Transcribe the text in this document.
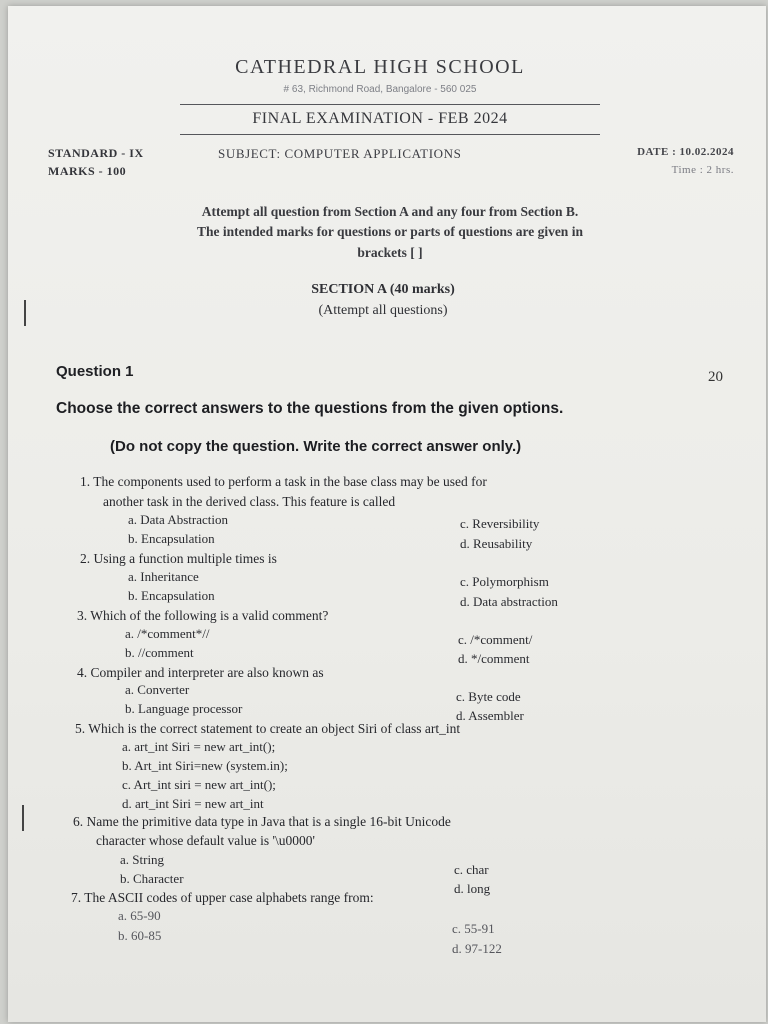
CATHEDRAL HIGH SCHOOL
# 63, Richmond Road, Bangalore - 560 025
FINAL EXAMINATION - FEB 2024
STANDARD - IX
MARKS - 100
SUBJECT: COMPUTER APPLICATIONS	DATE : 10.02.2024
Time : 2 hrs.
Attempt all question from Section A and any four from Section B.
The intended marks for questions or parts of questions are given in
brackets [ ]
SECTION A (40 marks)
(Attempt all questions)
Question 1	20
Choose the correct answers to the questions from the given options.
(Do not copy the question. Write the correct answer only.)
1. The components used to perform a task in the base class may be used for
another task in the derived class. This feature is called
a. Data Abstraction
b. Encapsulation
c. Reversibility
d. Reusability
2. Using a function multiple times is
a. Inheritance
b. Encapsulation
c. Polymorphism
d. Data abstraction
3. Which of the following is a valid comment?
a. /*comment*//
b. //comment
c. /*comment/
d. */comment
4. Compiler and interpreter are also known as
a. Converter
b. Language processor
c. Byte code
d. Assembler
5. Which is the correct statement to create an object Siri of class art_int
a. art_int Siri = new art_int();
b. Art_int Siri=new (system.in);
c. Art_int siri = new art_int();
d. art_int Siri = new art_int
6. Name the primitive data type in Java that is a single 16-bit Unicode
character whose default value is '\u0000'
a. String
b. Character
c. char
d. long
7. The ASCII codes of upper case alphabets range from:
a. 65-90
b. 60-85	c. 55-91
d. 97-122
